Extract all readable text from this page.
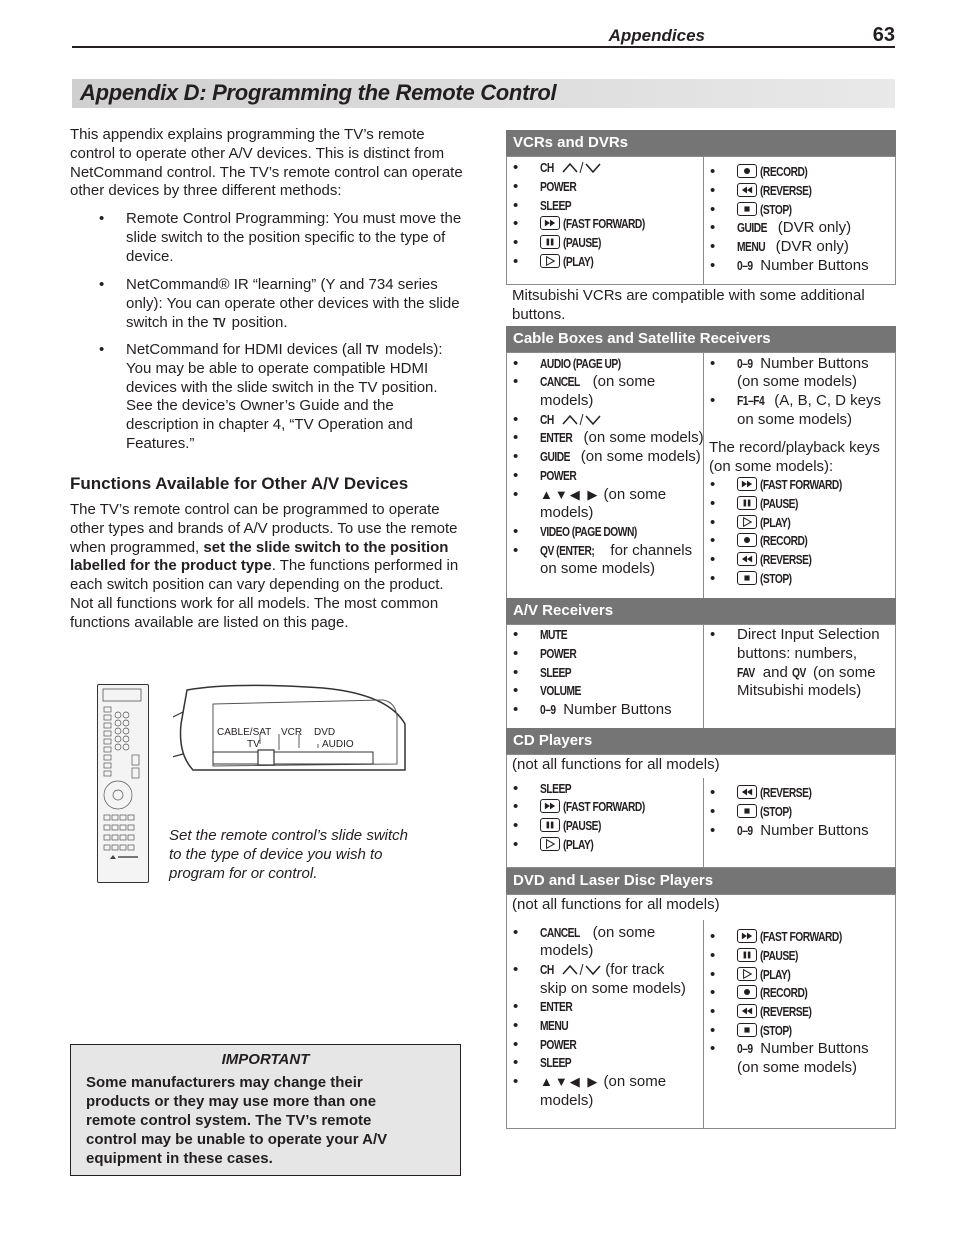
Appendices	63
Appendix D: Programming the Remote Control
This appendix explains programming the TV’s remote control to operate other A/V devices. This is distinct from NetCommand control. The TV’s remote control can operate other devices by three different methods:
• Remote Control Programming: You must move the slide switch to the position specific to the type of device.
• NetCommand® IR “learning” (Y and 734 series only): You can operate other devices with the slide switch in the TV position.
• NetCommand for HDMI devices (all TV models): You may be able to operate compatible HDMI devices with the slide switch in the TV position. See the device’s Owner’s Guide and the description in chapter 4, “TV Operation and Features.”
Functions Available for Other A/V Devices
The TV’s remote control can be programmed to operate other types and brands of A/V products. To use the remote when programmed, set the slide switch to the position labelled for the product type. The functions performed in each switch position can vary depending on the product. Not all functions work for all models. The most common functions available are listed on this page.
CABLE/SAT
TV
VCR DVD
AUDIO
Set the remote control’s slide switch to the type of device you wish to program for or control.
IMPORTANT
Some manufacturers may change their products or they may use more than one remote control system. The TV’s remote control may be unable to operate your A/V equipment in these cases.
VCRs and DVRs
• CH
• POWER
• SLEEP
•	(FAST FORWARD)
•	(PAUSE)
•	(PLAY)
•	(RECORD)
•	(REVERSE)
•	(STOP)
• GUIDE (DVR only)
• MENU (DVR only)
• 0–9 Number Buttons
Mitsubishi VCRs are compatible with some additional buttons.
Cable Boxes and Satellite Receivers
• AUDIO (PAGE UP)
• CANCEL (on some
models)
• CH
• ENTER (on some models)
• GUIDE (on some models)
• POWER
• ▲▼◀ ▶ (on some
models)
• VIDEO (PAGE DOWN)
• QV (ENTER; for channels
on some models)
• 0–9 Number Buttons
(on some models)
• F1–F4 (A, B, C, D keys
on some models)
The record/playback keys (on some models):
•	(FAST FORWARD)
•	(PAUSE)
•	(PLAY)
•	(RECORD)
•	(REVERSE)
•	(STOP)
A/V Receivers
• MUTE
• POWER
• SLEEP
• VOLUME
• 0–9 Number Buttons
• Direct Input Selection buttons: numbers,
FAV and QV (on some
Mitsubishi models)
CD Players
(not all functions for all models)
• SLEEP
•	(FAST FORWARD)
•	(PAUSE)
•	(PLAY)
•	(REVERSE)
•	(STOP)
• 0–9 Number Buttons
DVD and Laser Disc Players
(not all functions for all models)
• CANCEL (on some
models)
• CH	(for track
skip on some models)
• ENTER
• MENU
• POWER
• SLEEP
• ▲▼◀ ▶ (on some
models)
•	(FAST FORWARD)
•	(PAUSE)
•	(PLAY)
•	(RECORD)
•	(REVERSE)
•	(STOP)
• 0–9 Number Buttons
(on some models)
